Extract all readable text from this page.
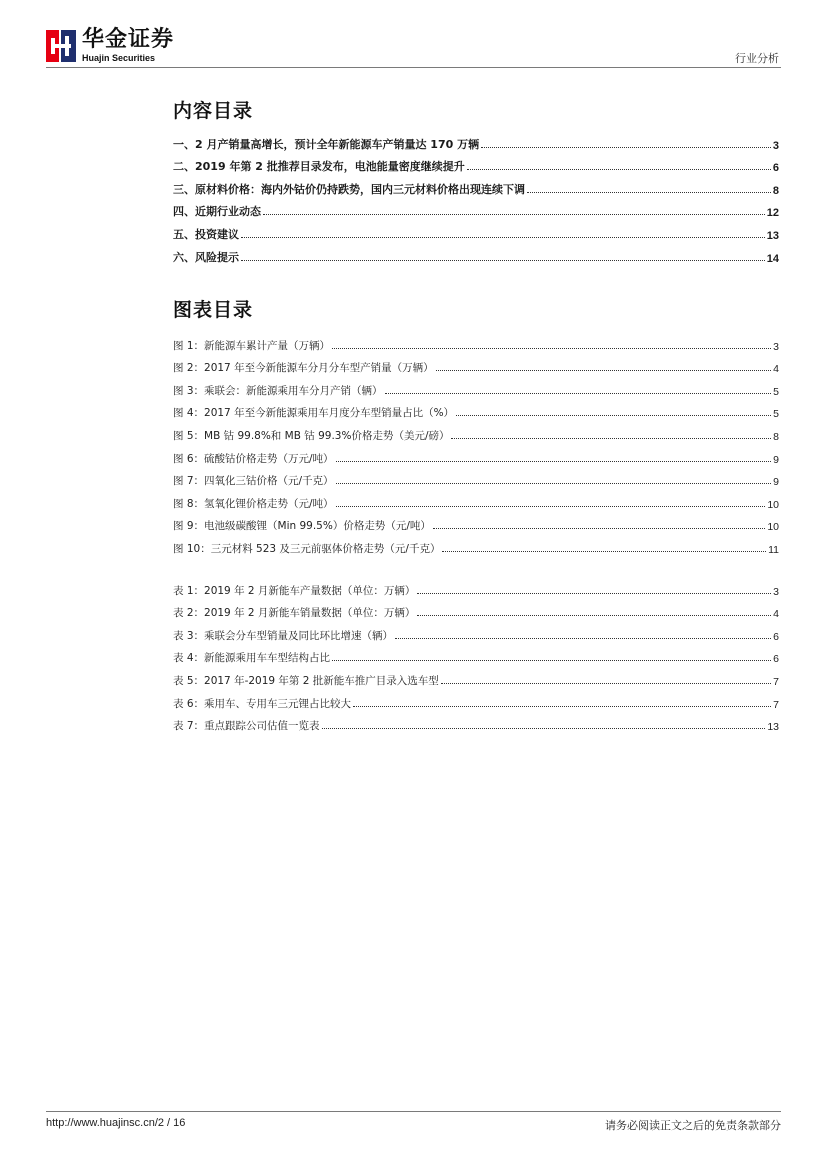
华金证券
Huajin Securities	行业分析
内容目录
一、2 月产销量高增长，预计全年新能源车产销量达 170 万辆	3
二、2019 年第 2 批推荐目录发布，电池能量密度继续提升	6
三、原材料价格：海内外钴价仍持跌势，国内三元材料价格出现连续下调	8
四、近期行业动态	12
五、投资建议	13
六、风险提示	14
图表目录
图 1：新能源车累计产量（万辆）	3
图 2：2017 年至今新能源车分月分车型产销量（万辆）	4
图 3：乘联会：新能源乘用车分月产销（辆）	5
图 4：2017 年至今新能源乘用车月度分车型销量占比（%）	5
图 5：MB 钴 99.8%和 MB 钴 99.3%价格走势（美元/磅）	8
图 6：硫酸钴价格走势（万元/吨）	9
图 7：四氧化三钴价格（元/千克）	9
图 8：氢氧化锂价格走势（元/吨）	10
图 9：电池级碳酸锂（Min 99.5%）价格走势（元/吨）	10
图 10：三元材料 523 及三元前驱体价格走势（元/千克）	11
表 1：2019 年 2 月新能车产量数据（单位：万辆）	3
表 2：2019 年 2 月新能车销量数据（单位：万辆）	4
表 3：乘联会分车型销量及同比环比增速（辆）	6
表 4：新能源乘用车车型结构占比	6
表 5：2017 年-2019 年第 2 批新能车推广目录入选车型	7
表 6：乘用车、专用车三元锂占比较大	7
表 7：重点跟踪公司估值一览表	13
http://www.huajinsc.cn/2 / 16	请务必阅读正文之后的免责条款部分
